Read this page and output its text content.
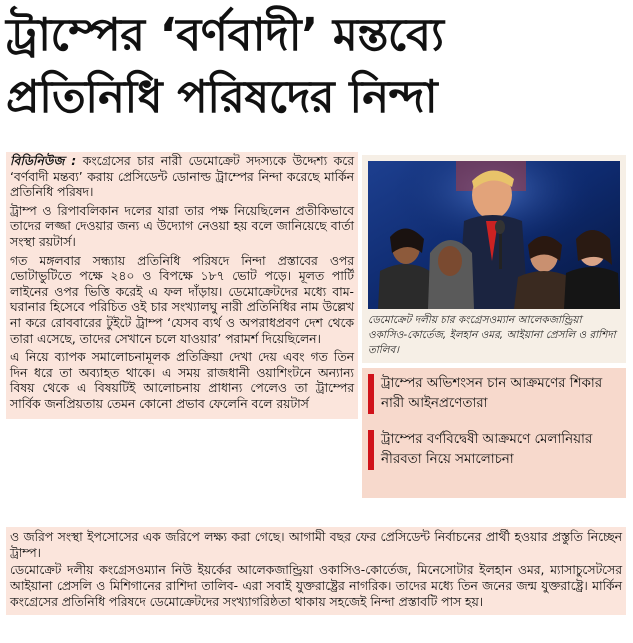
ট্রাম্পের ‘বর্ণবাদী’ মন্তব্যে
প্রতিনিধি পরিষদের নিন্দা

বিডিনিউজ : কংগ্রেসের চার নারী ডেমোক্রেট সদস্যকে উদ্দেশ্য করে ‘বর্ণবাদী মন্তব্য’ করায় প্রেসিডেন্ট ডোনাল্ড ট্রাম্পের নিন্দা করেছে মার্কিন প্রতিনিধি পরিষদ।

ট্রাম্প ও রিপাবলিকান দলের যারা তার পক্ষ নিয়েছিলেন প্রতীকিভাবে তাদের লজ্জা দেওয়ার জন্য এ উদ্যোগ নেওয়া হয় বলে জানিয়েছে বার্তা সংস্থা রয়টার্স।

গত মঙ্গলবার সন্ধ্যায় প্রতিনিধি পরিষদে নিন্দা প্রস্তাবের ওপর ভোটাভুটিতে পক্ষে ২৪০ ও বিপক্ষে ১৮৭ ভোট পড়ে। মূলত পার্টি লাইনের ওপর ভিত্তি করেই এ ফল দাঁড়ায়। ডেমোক্রেটদের মধ্যে বাম-ঘরানার হিসেবে পরিচিত ওই চার সংখ্যালঘু নারী প্রতিনিধির নাম উল্লেখ না করে রোববারের টুইটে ট্রাম্প ‘যেসব ব্যর্থ ও অপরাধপ্রবণ দেশ থেকে তারা এসেছে, তাদের সেখানে চলে যাওয়ার’ পরামর্শ দিয়েছিলেন।

এ নিয়ে ব্যাপক সমালোচনামূলক প্রতিক্রিয়া দেখা দেয় এবং গত তিন দিন ধরে তা অব্যাহত থাকে। এ সময় রাজধানী ওয়াশিংটনে অন্যান্য বিষয় থেকে এ বিষয়টিই আলোচনায় প্রাধান্য পেলেও তা ট্রাম্পের সার্বিক জনপ্রিয়তায় তেমন কোনো প্রভাব ফেলেনি বলে রয়টার্স

ডেমোক্রেট দলীয় চার কংগ্রেসওম্যান আলেকজান্ড্রিয়া ওকাসিও-কোর্তেজ, ইলহান ওমর, আইয়ানা প্রেসলি ও রাশিদা তালিব।
ট্রাম্পের অভিশংসন চান আক্রমণের শিকার নারী আইনপ্রণেতারা
ট্রাম্পের বর্ণবিদ্বেষী আক্রমণে মেলানিয়ার নীরবতা নিয়ে সমালোচনা

ও জরিপ সংস্থা ইপসোসের এক জরিপে লক্ষ্য করা গেছে। আগামী বছর ফের প্রেসিডেন্ট নির্বাচনের প্রার্থী হওয়ার প্রস্তুতি নিচ্ছেন ট্রাম্প।

ডেমোক্রেট দলীয় কংগ্রেসওম্যান নিউ ইয়র্কের আলেকজান্ড্রিয়া ওকাসিও-কোর্তেজ, মিনেসোটার ইলহান ওমর, ম্যাসাচুসেটসের আইয়ানা প্রেসলি ও মিশিগানের রাশিদা তালিব- এরা সবাই যুক্তরাষ্ট্রের নাগরিক। তাদের মধ্যে তিন জনের জন্ম যুক্তরাষ্ট্রে। মার্কিন কংগ্রেসের প্রতিনিধি পরিষদে ডেমোক্রেটদের সংখ্যাগরিষ্ঠতা থাকায় সহজেই নিন্দা প্রস্তাবটি পাস হয়।
